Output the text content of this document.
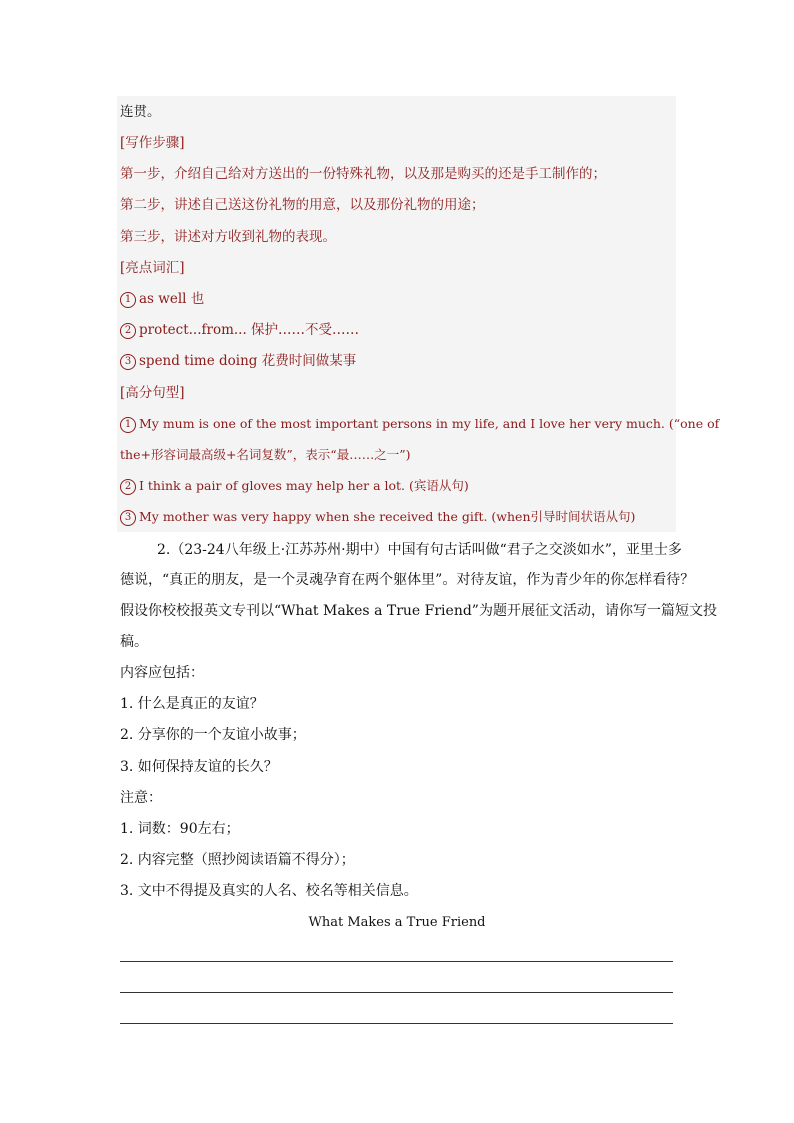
连贯。
[写作步骤]
第一步，介绍自己给对方送出的一份特殊礼物，以及那是购买的还是手工制作的；
第二步，讲述自己送这份礼物的用意，以及那份礼物的用途；
第三步，讲述对方收到礼物的表现。
[亮点词汇]
1 as well 也
2 protect...from... 保护……不受……
3 spend time doing 花费时间做某事
[高分句型]
1 My mum is one of the most important persons in my life, and I love her very much. (“one of
the+形容词最高级+名词复数”，表示“最……之一”)
2 I think a pair of gloves may help her a lot. (宾语从句)
3 My mother was very happy when she received the gift. (when引导时间状语从句)
2.（23-24八年级上·江苏苏州·期中）中国有句古话叫做“君子之交淡如水”，亚里士多
德说，“真正的朋友，是一个灵魂孕育在两个躯体里”。对待友谊，作为青少年的你怎样看待？
假设你校校报英文专刊以“What Makes a True Friend”为题开展征文活动，请你写一篇短文投
稿。
内容应包括：
1. 什么是真正的友谊？
2. 分享你的一个友谊小故事；
3. 如何保持友谊的长久？
注意：
1. 词数：90左右；
2. 内容完整（照抄阅读语篇不得分）；
3. 文中不得提及真实的人名、校名等相关信息。
What Makes a True Friend
